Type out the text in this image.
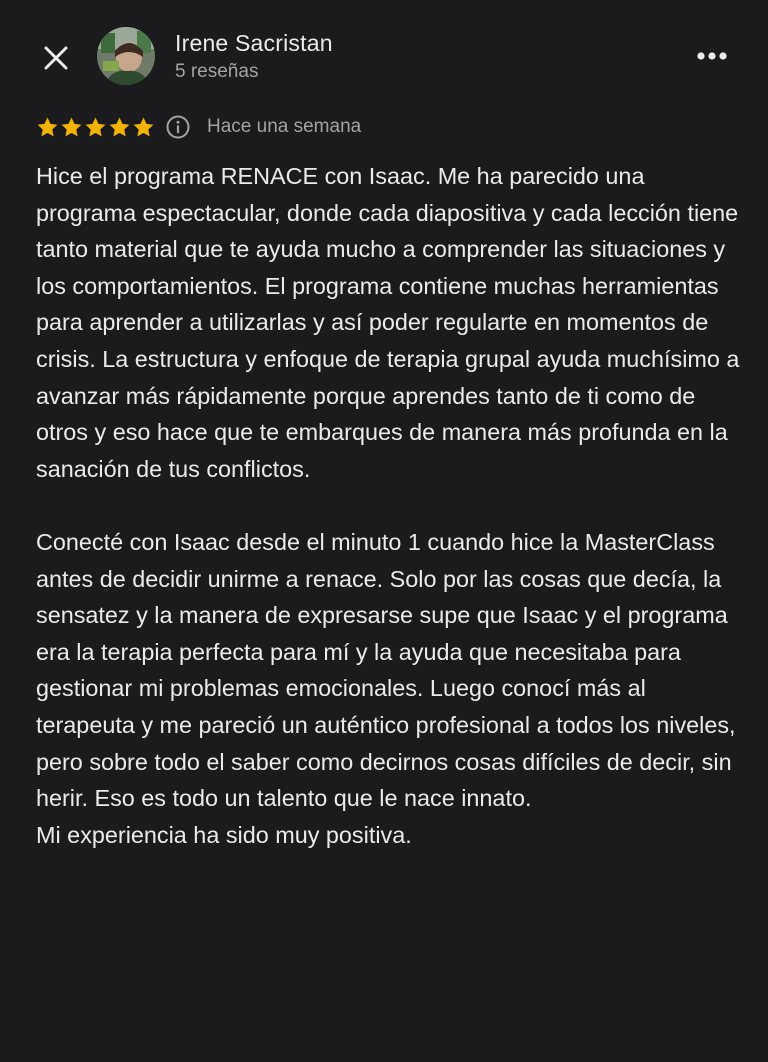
Irene Sacristan
5 reseñas
Hace una semana

Hice el programa RENACE con Isaac. Me ha parecido una programa espectacular, donde cada diapositiva y cada lección tiene tanto material que te ayuda mucho a comprender las situaciones y los comportamientos. El programa contiene muchas herramientas para aprender a utilizarlas y así poder regularte en momentos de crisis. La estructura y enfoque de terapia grupal ayuda muchísimo a avanzar más rápidamente porque aprendes tanto de ti como de otros y eso hace que te embarques de manera más profunda en la sanación de tus conflictos.

Conecté con Isaac desde el minuto 1 cuando hice la MasterClass antes de decidir unirme a renace. Solo por las cosas que decía, la sensatez y la manera de expresarse supe que Isaac y el programa era la terapia perfecta para mí y la ayuda que necesitaba para gestionar mi problemas emocionales. Luego conocí más al terapeuta y me pareció un auténtico profesional a todos los niveles, pero sobre todo el saber como decirnos cosas difíciles de decir, sin herir. Eso es todo un talento que le nace innato.

Mi experiencia ha sido muy positiva.
